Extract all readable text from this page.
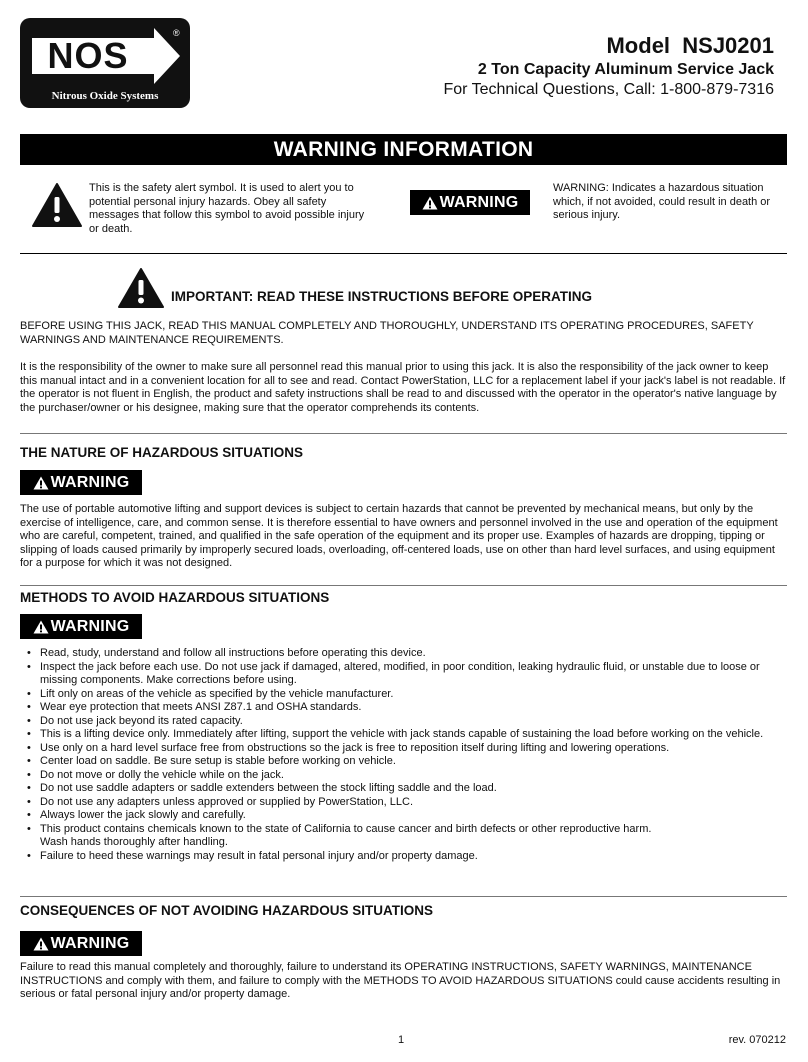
NOS
®
Nitrous Oxide Systems
Model  NSJ0201
2 Ton Capacity Aluminum Service Jack
For Technical Questions, Call: 1-800-879-7316
WARNING INFORMATION
This is the safety alert symbol. It is used to alert you to potential personal injury hazards. Obey all safety messages that follow this symbol to avoid possible injury or death.
WARNING
WARNING: Indicates a hazardous situation which, if not avoided, could result in death or serious injury.
IMPORTANT: READ THESE INSTRUCTIONS BEFORE OPERATING
BEFORE USING THIS JACK, READ THIS MANUAL COMPLETELY AND THOROUGHLY, UNDERSTAND ITS OPERATING PROCEDURES, SAFETY WARNINGS AND MAINTENANCE REQUIREMENTS.
It is the responsibility of the owner to make sure all personnel read this manual prior to using this jack. It is also the responsibility of the jack owner to keep this manual intact and in a convenient location for all to see and read. Contact PowerStation, LLC for a replacement label if your jack's label is not readable. If the operator is not fluent in English, the product and safety instructions shall be read to and discussed with the operator in the operator's native language by the purchaser/owner or his designee, making sure that the operator comprehends its contents.
THE NATURE OF HAZARDOUS SITUATIONS
WARNING
The use of portable automotive lifting and support devices is subject to certain hazards that cannot be prevented by mechanical means, but only by the exercise of intelligence, care, and common sense. It is therefore essential to have owners and personnel involved in the use and operation of the equipment who are careful, competent, trained, and qualified in the safe operation of the equipment and its proper use. Examples of hazards are dropping, tipping or slipping of loads caused primarily by improperly secured loads, overloading, off-centered loads, use on other than hard level surfaces, and using equipment for a purpose for which it was not designed.
METHODS TO AVOID HAZARDOUS SITUATIONS
WARNING
• Read, study, understand and follow all instructions before operating this device.
• Inspect the jack before each use. Do not use jack if damaged, altered, modified, in poor condition, leaking hydraulic fluid, or unstable due to loose or missing components. Make corrections before using.
• Lift only on areas of the vehicle as specified by the vehicle manufacturer.
• Wear eye protection that meets ANSI Z87.1 and OSHA standards.
• Do not use jack beyond its rated capacity.
• This is a lifting device only. Immediately after lifting, support the vehicle with jack stands capable of sustaining the load before working on the vehicle.
• Use only on a hard level surface free from obstructions so the jack is free to reposition itself during lifting and lowering operations.
• Center load on saddle. Be sure setup is stable before working on vehicle.
• Do not move or dolly the vehicle while on the jack.
• Do not use saddle adapters or saddle extenders between the stock lifting saddle and the load.
• Do not use any adapters unless approved or supplied by PowerStation, LLC.
• Always lower the jack slowly and carefully.
• This product contains chemicals known to the state of California to cause cancer and birth defects or other reproductive harm.
Wash hands thoroughly after handling.
• Failure to heed these warnings may result in fatal personal injury and/or property damage.
CONSEQUENCES OF NOT AVOIDING HAZARDOUS SITUATIONS
WARNING
Failure to read this manual completely and thoroughly, failure to understand its OPERATING INSTRUCTIONS, SAFETY WARNINGS, MAINTENANCE INSTRUCTIONS and comply with them, and failure to comply with the METHODS TO AVOID HAZARDOUS SITUATIONS could cause accidents resulting in serious or fatal personal injury and/or property damage.
1	rev. 070212
